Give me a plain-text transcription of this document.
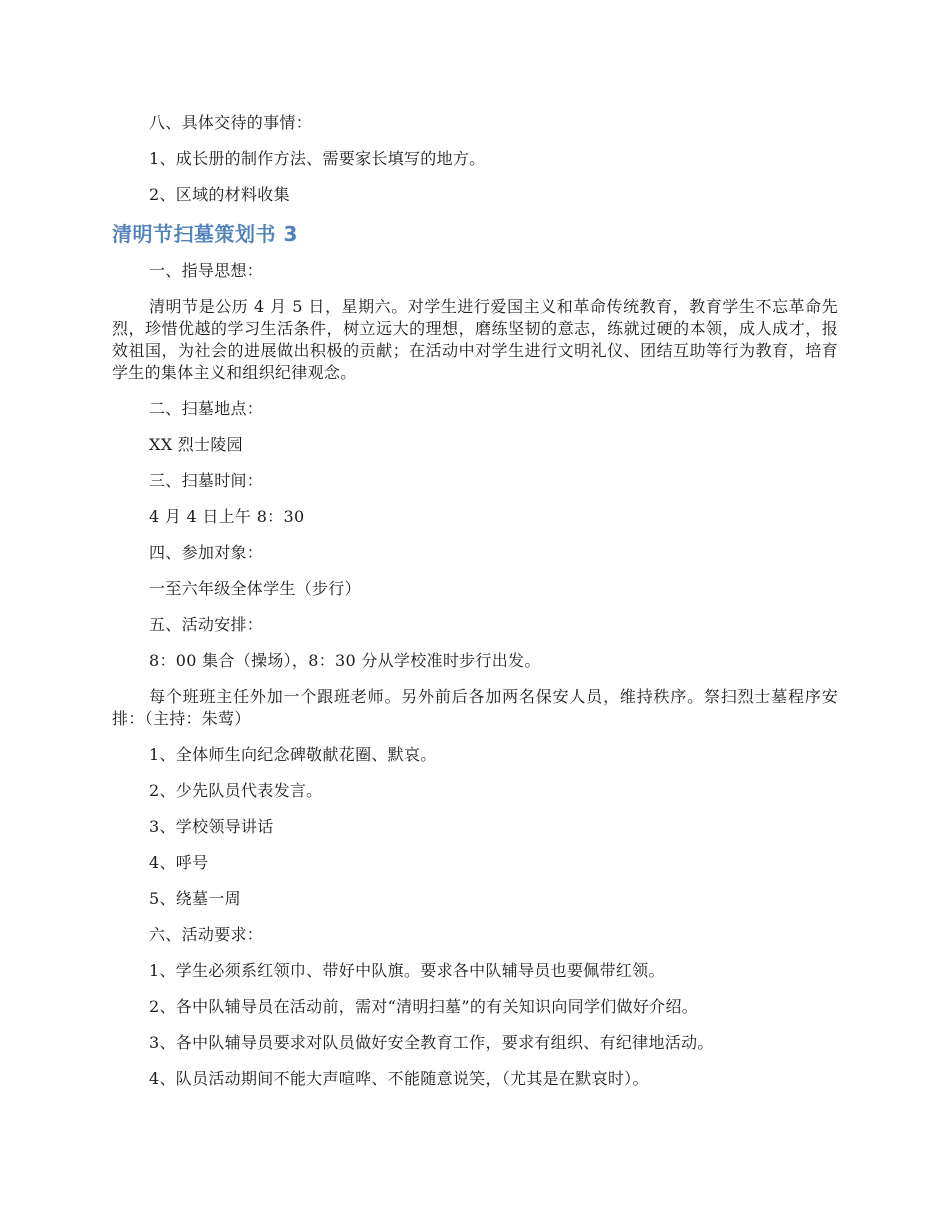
八、具体交待的事情：

1、成长册的制作方法、需要家长填写的地方。

2、区域的材料收集

清明节扫墓策划书 3

一、指导思想：

清明节是公历 4 月 5 日，星期六。对学生进行爱国主义和革命传统教育，教育学生不忘革命先烈，珍惜优越的学习生活条件，树立远大的理想，磨练坚韧的意志，练就过硬的本领，成人成才，报效祖国，为社会的进展做出积极的贡献；在活动中对学生进行文明礼仪、团结互助等行为教育，培育学生的集体主义和组织纪律观念。

二、扫墓地点：

XX 烈士陵园

三、扫墓时间：

4 月 4 日上午 8：30

四、参加对象：

一至六年级全体学生（步行）

五、活动安排：

8：00 集合（操场），8：30 分从学校准时步行出发。

每个班班主任外加一个跟班老师。另外前后各加两名保安人员，维持秩序。祭扫烈士墓程序安排：（主持：朱莺）

1、全体师生向纪念碑敬献花圈、默哀。

2、少先队员代表发言。

3、学校领导讲话

4、呼号

5、绕墓一周

六、活动要求：

1、学生必须系红领巾、带好中队旗。要求各中队辅导员也要佩带红领。

2、各中队辅导员在活动前，需对“清明扫墓”的有关知识向同学们做好介绍。

3、各中队辅导员要求对队员做好安全教育工作，要求有组织、有纪律地活动。

4、队员活动期间不能大声喧哗、不能随意说笑，（尤其是在默哀时）。
